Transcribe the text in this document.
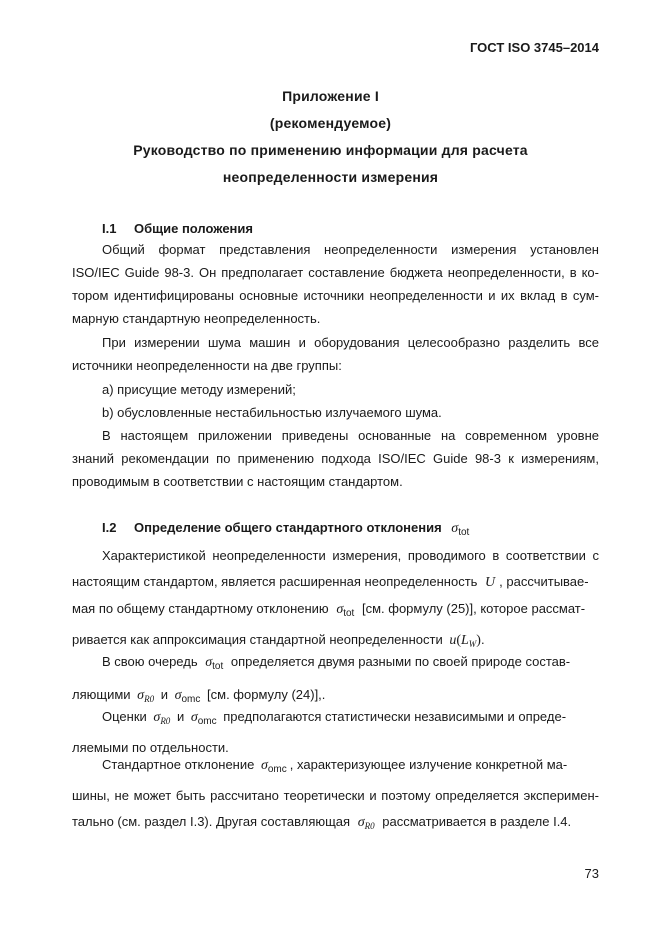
ГОСТ ISO 3745–2014
Приложение I
(рекомендуемое)
Руководство по применению информации для расчета
неопределенности измерения
I.1 Общие положения
Общий формат представления неопределенности измерения установлен
ISO/IEC Guide 98-3. Он предполагает составление бюджета неопределенности, в ко-
тором идентифицированы основные источники неопределенности и их вклад в сум-
марную стандартную неопределенность.
При измерении шума машин и оборудования целесообразно разделить все
источники неопределенности на две группы:
а) присущие методу измерений;
b) обусловленные нестабильностью излучаемого шума.
В настоящем приложении приведены основанные на современном уровне
знаний рекомендации по применению подхода ISO/IEC Guide 98-3 к измерениям,
проводимым в соответствии с настоящим стандартом.
I.2 Определение общего стандартного отклонения $\sigma_{tot}$
Характеристикой неопределенности измерения, проводимого в соответствии с
настоящим стандартом, является расширенная неопределенность U , рассчитывае-
мая по общему стандартному отклонению $\sigma_{tot}$ [см. формулу (25)], которое рассмат-
ривается как аппроксимация стандартной неопределенности $u(L_W)$.
В свою очередь $\sigma_{tot}$ определяется двумя разными по своей природе состав-
ляющими $\sigma_{R0}$ и $\sigma_{omc}$ [см. формулу (24)],.
Оценки $\sigma_{R0}$ и $\sigma_{omc}$ предполагаются статистически независимыми и опреде-
ляемыми по отдельности.
Стандартное отклонение $\sigma_{omc}$ , характеризующее излучение конкретной ма-
шины, не может быть рассчитано теоретически и поэтому определяется эксперимен-
тально (см. раздел I.3). Другая составляющая $\sigma_{R0}$ рассматривается в разделе I.4.
73
